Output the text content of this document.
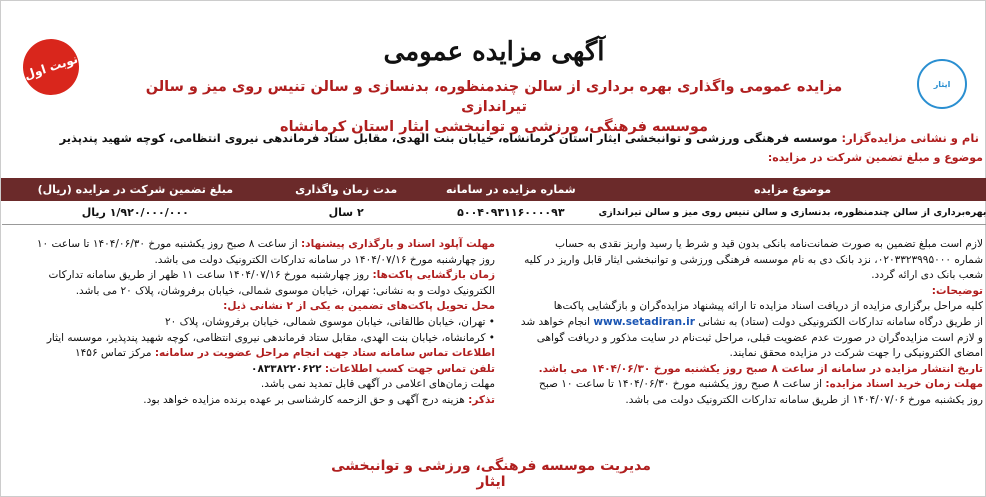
نوبت اول
ایثار
آگهی مزایده عمومی
مزایده عمومی واگذاری بهره برداری از سالن چندمنظوره، بدنسازی و سالن تنیس روی میز و سالن تیراندازی
موسسه فرهنگی، ورزشی و توانبخشی ایثار استان کرمانشاه
نام و نشانی مزایده‌گزار: موسسه فرهنگی ورزشی و توانبخشی ایثار استان کرمانشاه، خیابان بنت الهدی، مقابل ستاد فرماندهی نیروی انتظامی، کوچه شهید پندپذیر
موضوع و مبلغ تضمین شرکت در مزایده:
موضوع مزایده	شماره مزایده در سامانه	مدت زمان واگذاری	مبلغ تضمین شرکت در مزایده (ریال)
بهره‌برداری از سالن چندمنظوره، بدنسازی و سالن تنیس روی میز و سالن تیراندازی	۵۰۰۴۰۹۳۱۱۶۰۰۰۰۹۳	۲ سال	۱/۹۲۰/۰۰۰/۰۰۰ ریال
لازم است مبلغ تضمین به صورت ضمانت‌نامه بانکی بدون قید و شرط یا رسید واریز نقدی به حساب
شماره ۰۲۰۳۳۲۳۹۹۵۰۰۰، نزد بانک دی به نام موسسه فرهنگی ورزشی و توانبخشی ایثار قابل واریز در کلیه
شعب بانک دی ارائه گردد.
توضیحات:
کلیه مراحل برگزاری مزایده از دریافت اسناد مزایده تا ارائه پیشنهاد مزایده‌گران و بازگشایی پاکت‌ها
از طریق درگاه سامانه تدارکات الکترونیکی دولت (ستاد) به نشانی www.setadiran.ir انجام خواهد شد
و لازم است مزایده‌گران در صورت عدم عضویت قبلی، مراحل ثبت‌نام در سایت مذکور و دریافت گواهی
امضای الکترونیکی را جهت شرکت در مزایده محقق نمایند.
تاریخ انتشار مزایده در سامانه از ساعت ۸ صبح روز یکشنبه مورخ ۱۴۰۴/۰۶/۳۰ می باشد.
مهلت زمان خرید اسناد مزایده: از ساعت ۸ صبح روز یکشنبه مورخ ۱۴۰۴/۰۶/۳۰ تا ساعت ۱۰ صبح
روز یکشنبه مورخ ۱۴۰۴/۰۷/۰۶ از طریق سامانه تدارکات الکترونیک دولت می باشد.
مهلت آپلود اسناد و بارگذاری پیشنهاد: از ساعت ۸ صبح روز یکشنبه مورخ ۱۴۰۴/۰۶/۳۰ تا ساعت ۱۰
روز چهارشنبه مورخ ۱۴۰۴/۰۷/۱۶ در سامانه تدارکات الکترونیک دولت می باشد.
زمان بازگشایی پاکت‌ها: روز چهارشنبه مورخ ۱۴۰۴/۰۷/۱۶ ساعت ۱۱ ظهر از طریق سامانه تدارکات
الکترونیک دولت و به نشانی: تهران، خیابان موسوی شمالی، خیابان برفروشان، پلاک ۲۰ می باشد.
محل تحویل پاکت‌های تضمین به یکی از ۲ نشانی ذیل:
• تهران، خیابان طالقانی، خیابان موسوی شمالی، خیابان برفروشان، پلاک ۲۰
• کرمانشاه، خیابان بنت الهدی، مقابل ستاد فرماندهی نیروی انتظامی، کوچه شهید پندپذیر، موسسه ایثار
اطلاعات تماس سامانه ستاد جهت انجام مراحل عضویت در سامانه: مرکز تماس ۱۴۵۶
تلفن تماس جهت کسب اطلاعات: ۰۸۳۳۸۲۲۰۶۲۲
مهلت زمان‌های اعلامی در آگهی قابل تمدید نمی باشد.
تذکر: هزینه درج آگهی و حق الزحمه کارشناسی بر عهده برنده مزایده خواهد بود.
مدیریت موسسه فرهنگی، ورزشی و توانبخشی ایثار
